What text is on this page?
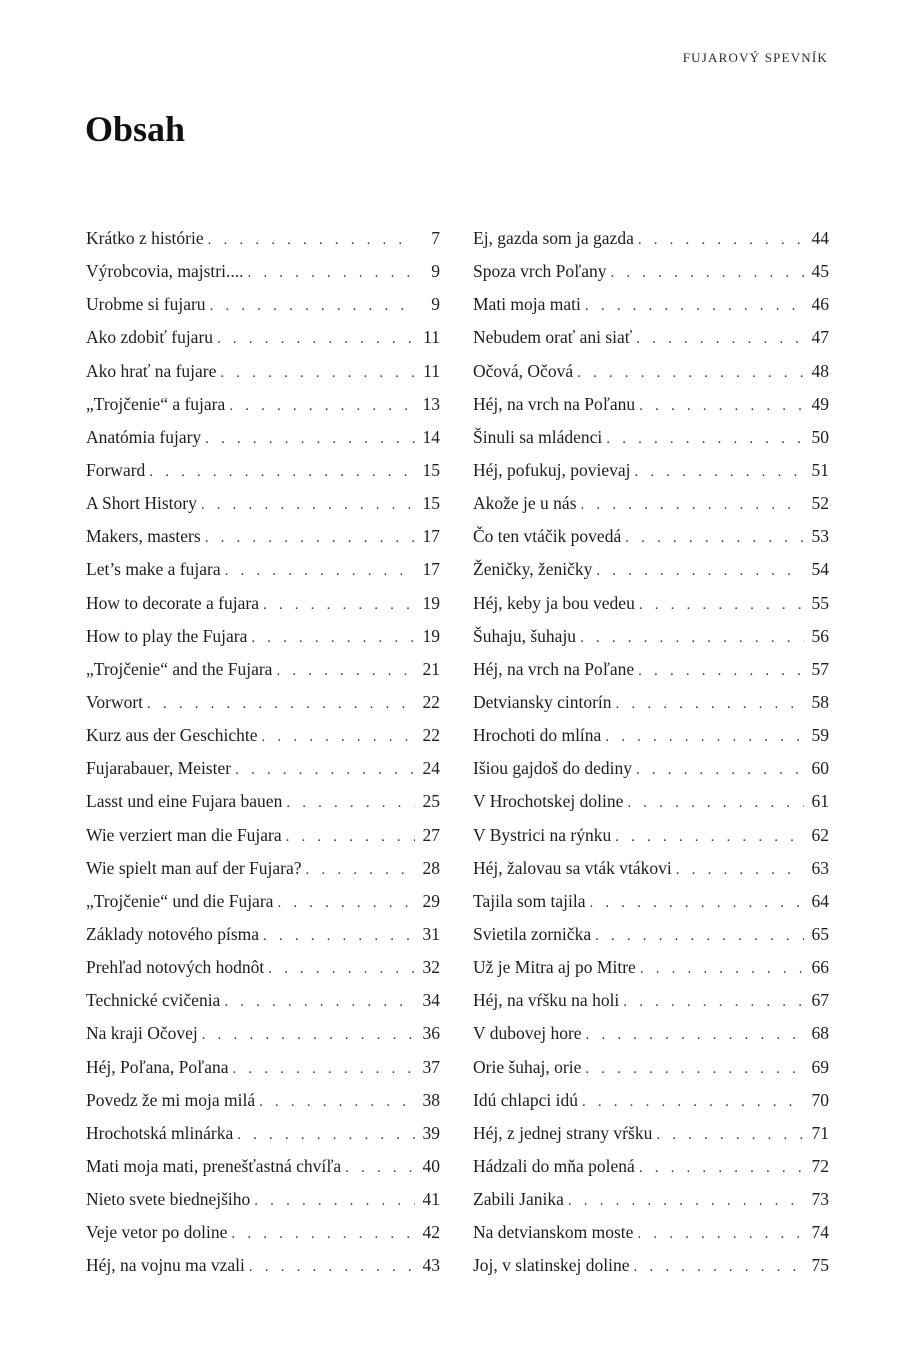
FUJAROVÝ SPEVNÍK
Obsah
Krátko z histórie . . .	7
Výrobcovia, majstri.... . . .	9
Urobme si fujaru . . .	9
Ako zdobiť fujaru . . .	11
Ako hrať na fujare . . .	11
„Trojčenie“ a fujara . . .	13
Anatómia fujary . . .	14
Forward . . .	15
A Short History . . .	15
Makers, masters . . .	17
Let’s make a fujara . . .	17
How to decorate a fujara . . .	19
How to play the Fujara . . .	19
„Trojčenie“ and the Fujara . . .	21
Vorwort . . .	22
Kurz aus der Geschichte . . .	22
Fujarabauer, Meister . . .	24
Lasst und eine Fujara bauen . . .	25
Wie verziert man die Fujara . . .	27
Wie spielt man auf der Fujara? . . .	28
„Trojčenie“ und die Fujara . . .	29
Základy notového písma . . .	31
Prehľad notových hodnôt . . .	32
Technické cvičenia . . .	34
Na kraji Očovej . . .	36
Héj, Poľana, Poľana . . .	37
Povedz že mi moja milá . . .	38
Hrochotská mlinárka . . .	39
Mati moja mati, prenešťastná chvíľa . . .	40
Nieto svete biednejšiho . . .	41
Veje vetor po doline . . .	42
Héj, na vojnu ma vzali . . .	43
Ej, gazda som ja gazda . . .	44
Spoza vrch Poľany . . .	45
Mati moja mati . . .	46
Nebudem orať ani siať . . .	47
Očová, Očová . . .	48
Héj, na vrch na Poľanu . . .	49
Šinuli sa mládenci . . .	50
Héj, pofukuj, povievaj . . .	51
Akože je u nás . . .	52
Čo ten vtáčik povedá . . .	53
Ženičky, ženičky . . .	54
Héj, keby ja bou vedeu . . .	55
Šuhaju, šuhaju . . .	56
Héj, na vrch na Poľane . . .	57
Detviansky cintorín . . .	58
Hrochoti do mlína . . .	59
Išiou gajdoš do dediny . . .	60
V Hrochotskej doline . . .	61
V Bystrici na rýnku . . .	62
Héj, žalovau sa vták vtákovi . . .	63
Tajila som tajila . . .	64
Svietila zornička . . .	65
Už je Mitra aj po Mitre . . .	66
Héj, na vŕšku na holi . . .	67
V dubovej hore . . .	68
Orie šuhaj, orie . . .	69
Idú chlapci idú . . .	70
Héj, z jednej strany vŕšku . . .	71
Hádzali do mňa polená . . .	72
Zabili Janika . . .	73
Na detvianskom moste . . .	74
Joj, v slatinskej doline . . .	75
